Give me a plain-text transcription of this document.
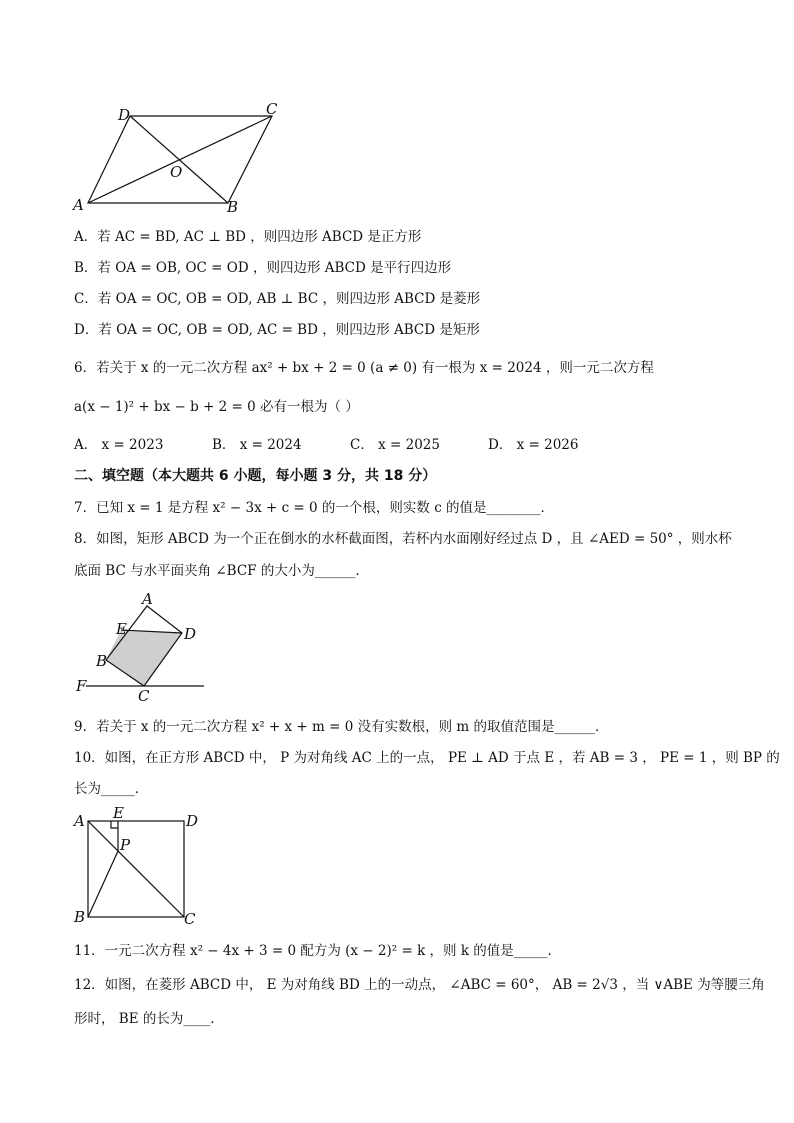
D	C
O
A	B
A．若 AC = BD, AC ⊥ BD ，则四边形 ABCD 是正方形
B．若 OA = OB, OC = OD ，则四边形 ABCD 是平行四边形
C．若 OA = OC, OB = OD, AB ⊥ BC ，则四边形 ABCD 是菱形
D．若 OA = OC, OB = OD, AC = BD ，则四边形 ABCD 是矩形
6．若关于 x 的一元二次方程 ax² + bx + 2 = 0 (a ≠ 0) 有一根为 x = 2024 ，则一元二次方程
a(x − 1)² + bx − b + 2 = 0 必有一根为（ ）
A． x = 2023	B． x = 2024	C． x = 2025	D． x = 2026
二、填空题（本大题共 6 小题，每小题 3 分，共 18 分）
7．已知 x = 1 是方程 x² − 3x + c = 0 的一个根，则实数 c 的值是________．
8．如图，矩形 ABCD 为一个正在倒水的水杯截面图，若杯内水面刚好经过点 D ，且 ∠AED = 50° ，则水杯
底面 BC 与水平面夹角 ∠BCF 的大小为______．
A
E	D
B
F
C
9．若关于 x 的一元二次方程 x² + x + m = 0 没有实数根，则 m 的取值范围是______．
10．如图，在正方形 ABCD 中， P 为对角线 AC 上的一点， PE ⊥ AD 于点 E ，若 AB = 3 ， PE = 1 ，则 BP 的
长为_____．
E
A	D
P
B	C
11．一元二次方程 x² − 4x + 3 = 0 配方为 (x − 2)² = k ，则 k 的值是_____．
12．如图，在菱形 ABCD 中， E 为对角线 BD 上的一动点， ∠ABC = 60°， AB = 2√3 ，当 ∨ABE 为等腰三角
形时， BE 的长为____．
